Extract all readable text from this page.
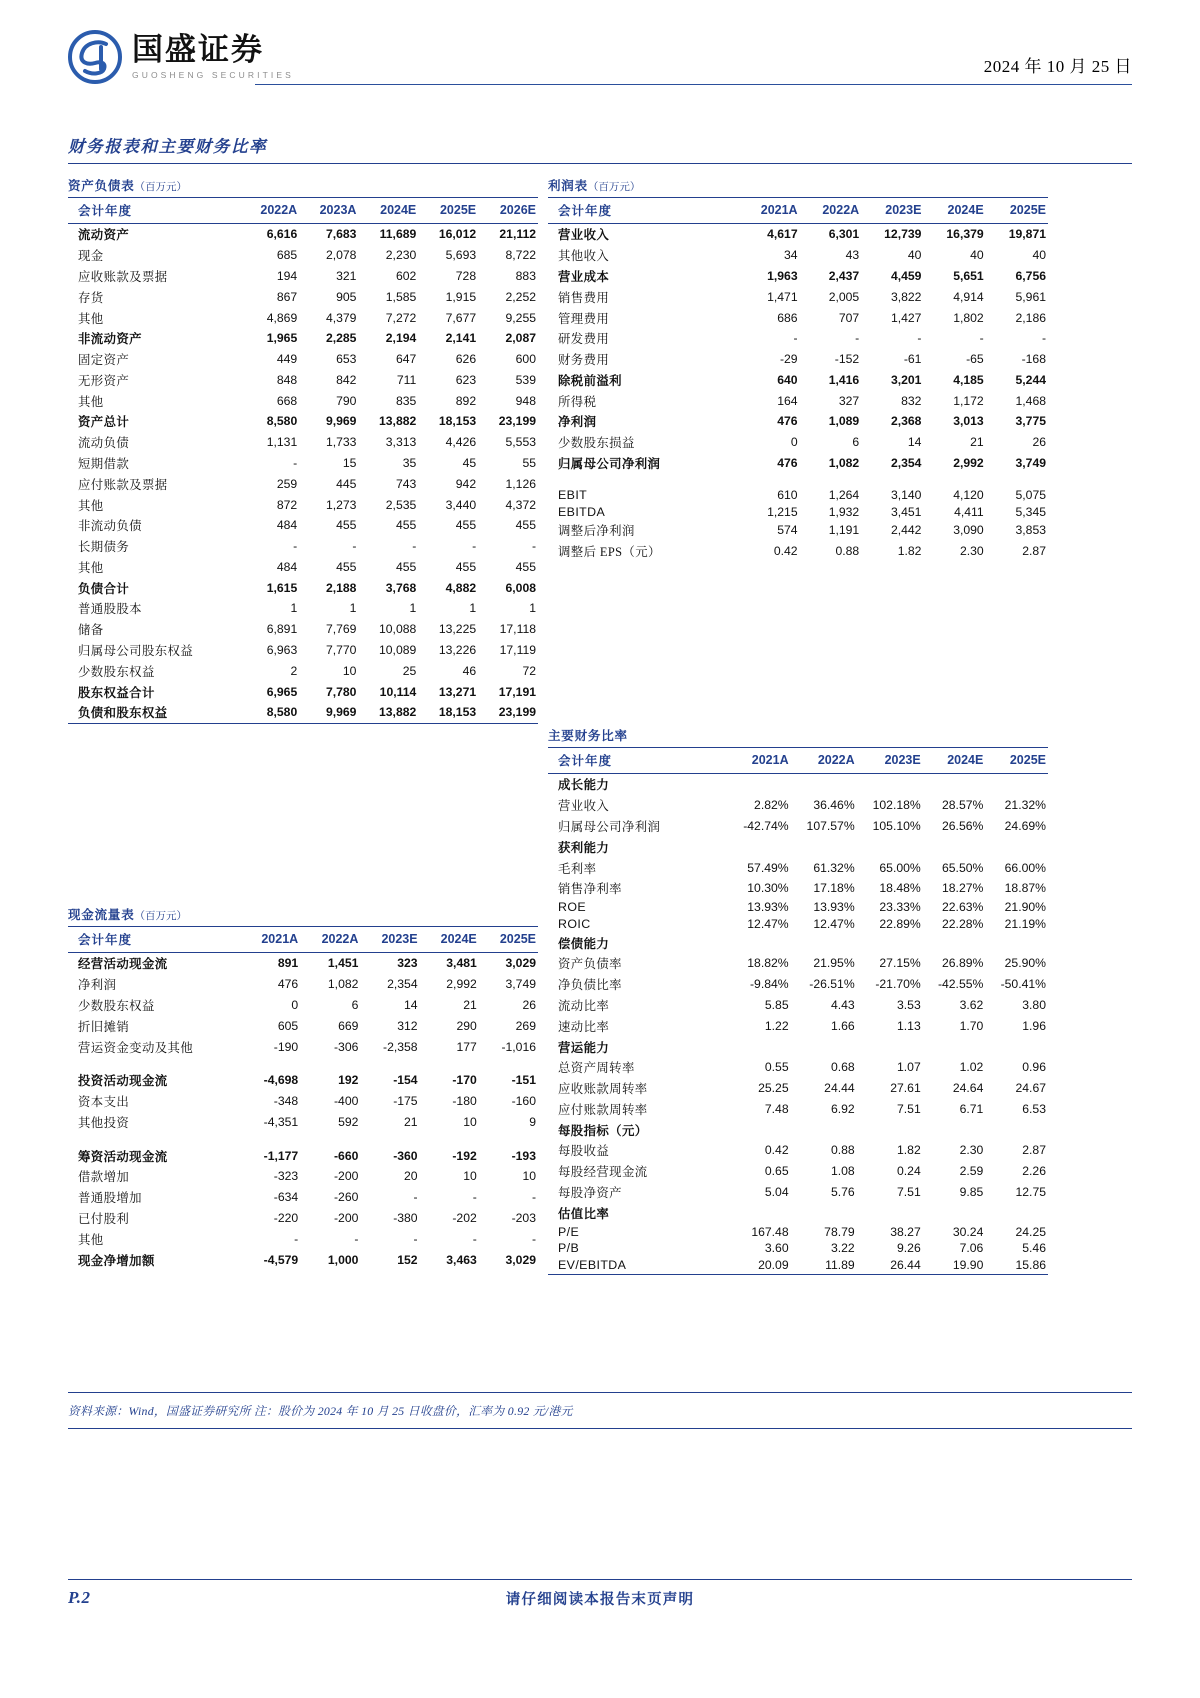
国盛证券
GUOSHENG SECURITIES	2024 年 10 月 25 日
财务报表和主要财务比率
资产负债表（百万元）
会计年度	2022A	2023A	2024E	2025E	2026E
流动资产	6,616	7,683	11,689	16,012	21,112
现金	685	2,078	2,230	5,693	8,722
应收账款及票据	194	321	602	728	883
存货	867	905	1,585	1,915	2,252
其他	4,869	4,379	7,272	7,677	9,255
非流动资产	1,965	2,285	2,194	2,141	2,087
固定资产	449	653	647	626	600
无形资产	848	842	711	623	539
其他	668	790	835	892	948
资产总计	8,580	9,969	13,882	18,153	23,199
流动负债	1,131	1,733	3,313	4,426	5,553
短期借款	-	15	35	45	55
应付账款及票据	259	445	743	942	1,126
其他	872	1,273	2,535	3,440	4,372
非流动负债	484	455	455	455	455
长期债务	-	-	-	-	-
其他	484	455	455	455	455
负债合计	1,615	2,188	3,768	4,882	6,008
普通股股本	1	1	1	1	1
储备	6,891	7,769	10,088	13,225	17,118
归属母公司股东权益	6,963	7,770	10,089	13,226	17,119
少数股东权益	2	10	25	46	72
股东权益合计	6,965	7,780	10,114	13,271	17,191
负债和股东权益	8,580	9,969	13,882	18,153	23,199
利润表（百万元）
会计年度	2021A	2022A	2023E	2024E	2025E
营业收入	4,617	6,301	12,739	16,379	19,871
其他收入	34	43	40	40	40
营业成本	1,963	2,437	4,459	5,651	6,756
销售费用	1,471	2,005	3,822	4,914	5,961
管理费用	686	707	1,427	1,802	2,186
研发费用	-	-	-	-	-
财务费用	-29	-152	-61	-65	-168
除税前溢利	640	1,416	3,201	4,185	5,244
所得税	164	327	832	1,172	1,468
净利润	476	1,089	2,368	3,013	3,775
少数股东损益	0	6	14	21	26
归属母公司净利润	476	1,082	2,354	2,992	3,749

EBIT	610	1,264	3,140	4,120	5,075
EBITDA	1,215	1,932	3,451	4,411	5,345
调整后净利润	574	1,191	2,442	3,090	3,853
调整后 EPS（元）	0.42	0.88	1.82	2.30	2.87
现金流量表（百万元）
会计年度	2021A	2022A	2023E	2024E	2025E
经营活动现金流	891	1,451	323	3,481	3,029
净利润	476	1,082	2,354	2,992	3,749
少数股东权益	0	6	14	21	26
折旧摊销	605	669	312	290	269
营运资金变动及其他	-190	-306	-2,358	177	-1,016

投资活动现金流	-4,698	192	-154	-170	-151
资本支出	-348	-400	-175	-180	-160
其他投资	-4,351	592	21	10	9

筹资活动现金流	-1,177	-660	-360	-192	-193
借款增加	-323	-200	20	10	10
普通股增加	-634	-260	-	-	-
已付股利	-220	-200	-380	-202	-203
其他	-	-	-	-	-
现金净增加额	-4,579	1,000	152	3,463	3,029
主要财务比率
会计年度	2021A	2022A	2023E	2024E	2025E
成长能力					
营业收入	2.82%	36.46%	102.18%	28.57%	21.32%
归属母公司净利润	-42.74%	107.57%	105.10%	26.56%	24.69%
获利能力					
毛利率	57.49%	61.32%	65.00%	65.50%	66.00%
销售净利率	10.30%	17.18%	18.48%	18.27%	18.87%
ROE	13.93%	13.93%	23.33%	22.63%	21.90%
ROIC	12.47%	12.47%	22.89%	22.28%	21.19%
偿债能力					
资产负债率	18.82%	21.95%	27.15%	26.89%	25.90%
净负债比率	-9.84%	-26.51%	-21.70%	-42.55%	-50.41%
流动比率	5.85	4.43	3.53	3.62	3.80
速动比率	1.22	1.66	1.13	1.70	1.96
营运能力					
总资产周转率	0.55	0.68	1.07	1.02	0.96
应收账款周转率	25.25	24.44	27.61	24.64	24.67
应付账款周转率	7.48	6.92	7.51	6.71	6.53
每股指标（元）					
每股收益	0.42	0.88	1.82	2.30	2.87
每股经营现金流	0.65	1.08	0.24	2.59	2.26
每股净资产	5.04	5.76	7.51	9.85	12.75
估值比率					
P/E	167.48	78.79	38.27	30.24	24.25
P/B	3.60	3.22	9.26	7.06	5.46
EV/EBITDA	20.09	11.89	26.44	19.90	15.86
资料来源：Wind，国盛证券研究所 注：股价为 2024 年 10 月 25 日收盘价，汇率为 0.92 元/港元
P.2	请仔细阅读本报告末页声明
